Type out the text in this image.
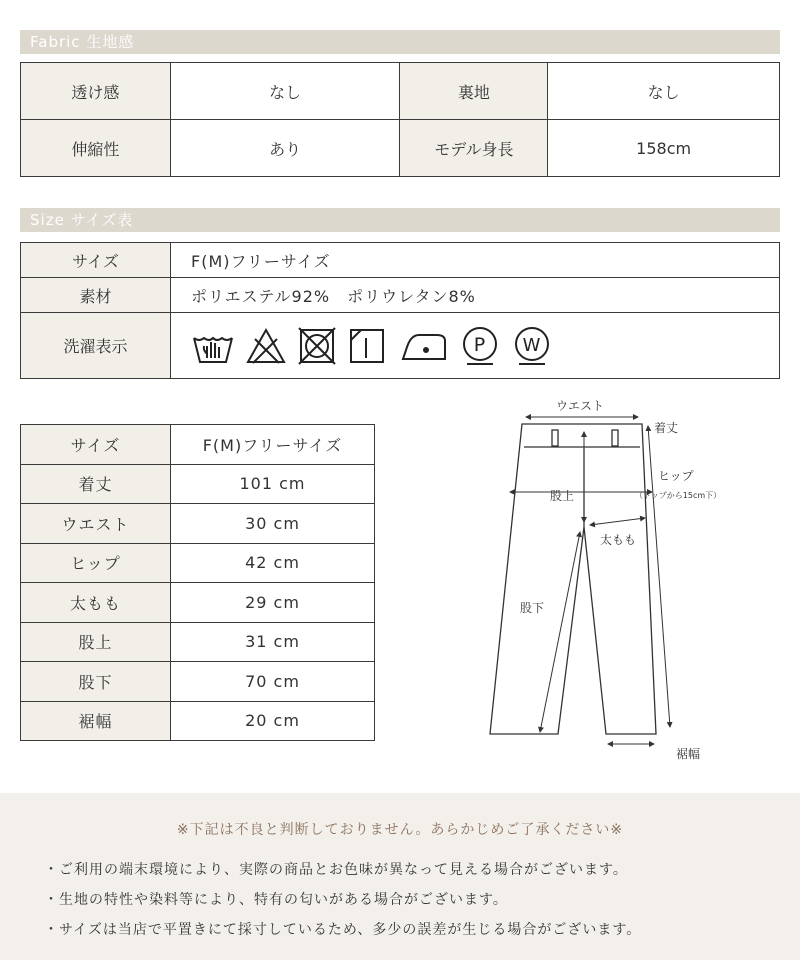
Fabric 生地感
透け感	なし	裏地	なし
伸縮性	あり	モデル身長	158cm
Size サイズ表
サイズ	F(M)フリーサイズ
素材	ポリエステル92%　ポリウレタン8%
洗濯表示	P W
サイズ	F(M)フリーサイズ
着丈	101 cm
ウエスト	30 cm
ヒップ	42 cm
太もも	29 cm
股上	31 cm
股下	70 cm
裾幅	20 cm
ウエスト
着丈
ヒップ
（トップから15cm下）
股上
太もも
股下
裾幅
※下記は不良と判断しておりません。あらかじめご了承ください※
・ご利用の端末環境により、実際の商品とお色味が異なって見える場合がございます。
・生地の特性や染料等により、特有の匂いがある場合がございます。
・サイズは当店で平置きにて採寸しているため、多少の誤差が生じる場合がございます。
